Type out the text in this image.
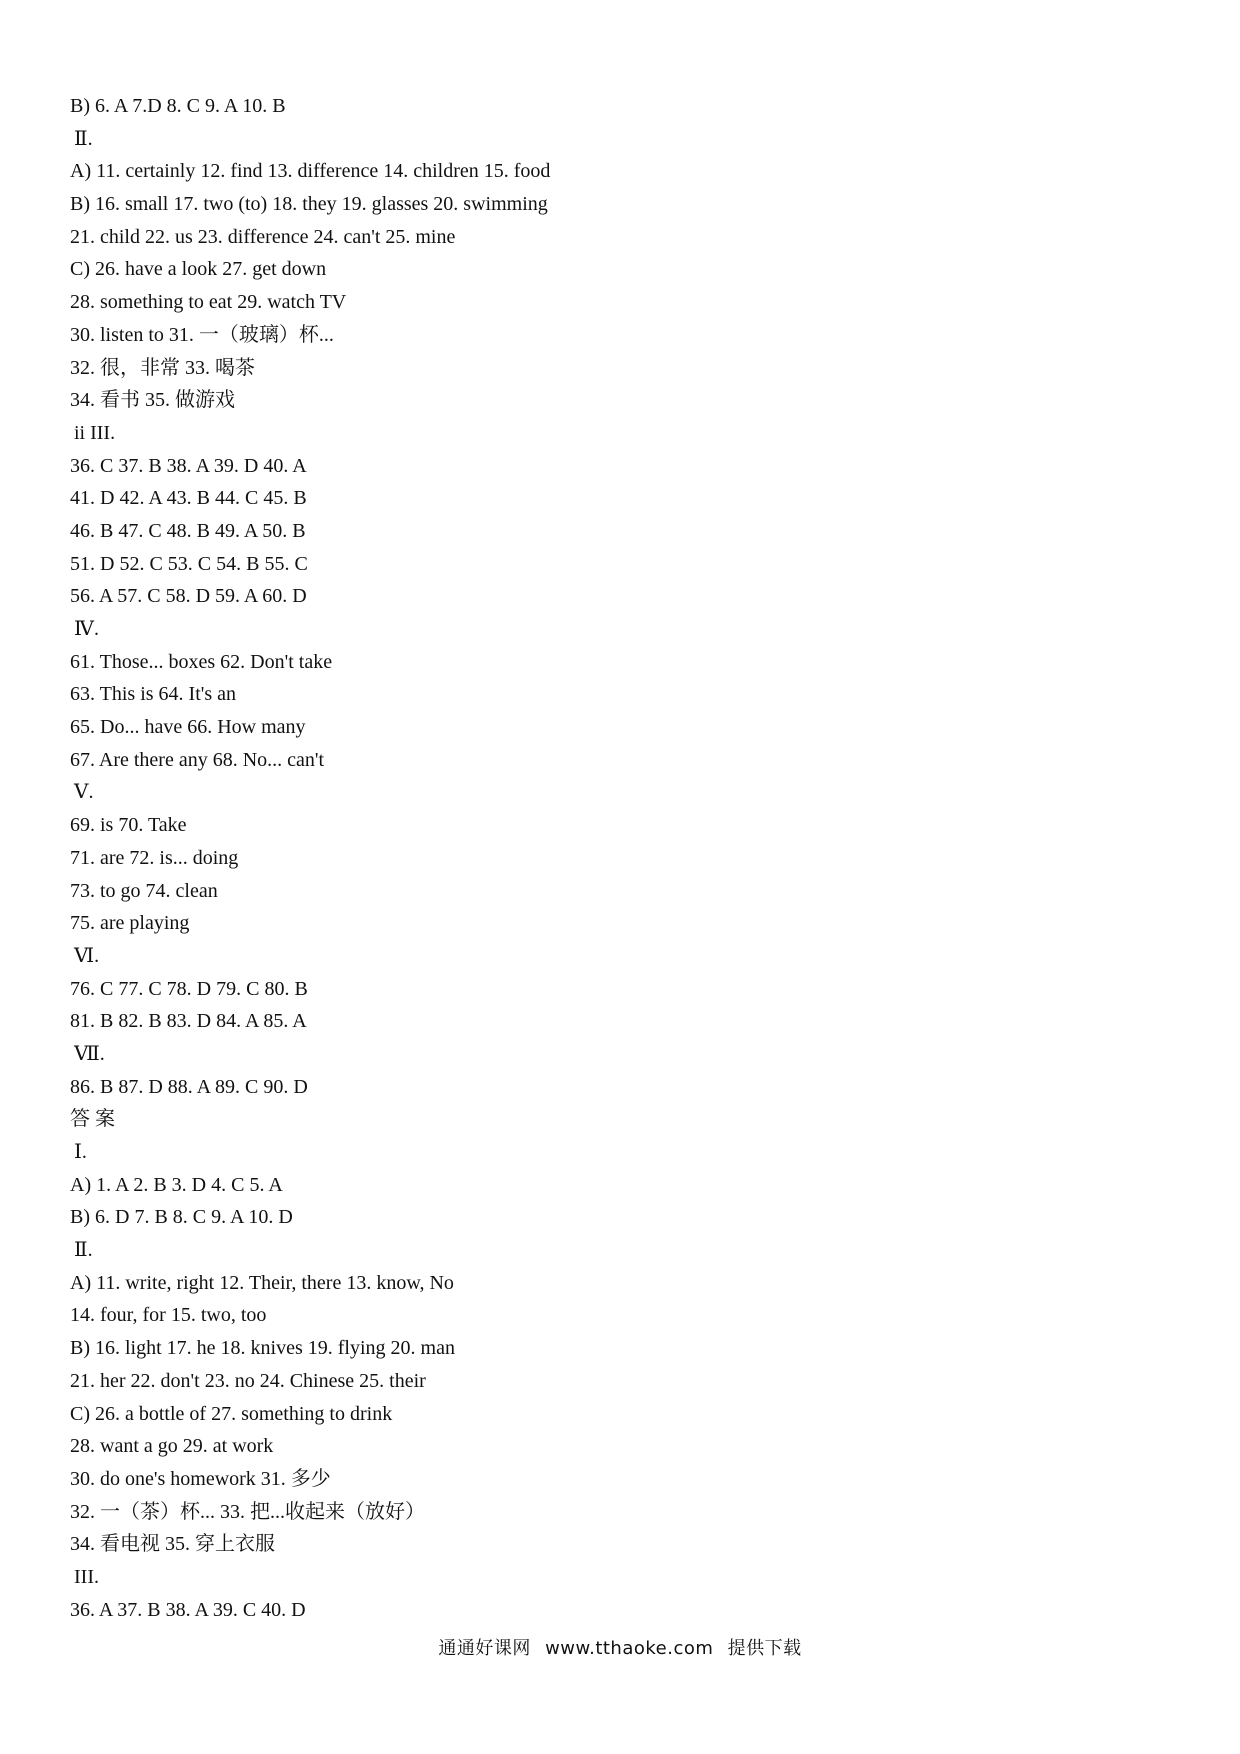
B) 6. A 7.D 8. C 9. A 10. B
Ⅱ.
A) 11. certainly 12. find 13. difference 14. children 15. food
B) 16. small 17. two (to) 18. they 19. glasses 20. swimming
21. child 22. us 23. difference 24. can't 25. mine
C) 26. have a look 27. get down
28. something to eat 29. watch TV
30. listen to 31. 一（玻璃）杯...
32. 很，非常 33. 喝茶
34. 看书 35. 做游戏
ii III.
36. C 37. B 38. A 39. D 40. A
41. D 42. A 43. B 44. C 45. B
46. B 47. C 48. B 49. A 50. B
51. D 52. C 53. C 54. B 55. C
56. A 57. C 58. D 59. A 60. D
Ⅳ.
61. Those... boxes 62. Don't take
63. This is 64. It's an
65. Do... have 66. How many
67. Are there any 68. No... can't
Ⅴ.
69. is 70. Take
71. are 72. is... doing
73. to go 74. clean
75. are playing
Ⅵ.
76. C 77. C 78. D 79. C 80. B
81. B 82. B 83. D 84. A 85. A
Ⅶ.
86. B 87. D 88. A 89. C 90. D
答 案
Ⅰ.
A) 1. A 2. B 3. D 4. C 5. A
B) 6. D 7. B 8. C 9. A 10. D
Ⅱ.
A) 11. write, right 12. Their, there 13. know, No
14. four, for 15. two, too
B) 16. light 17. he 18. knives 19. flying 20. man
21. her 22. don't 23. no 24. Chinese 25. their
C) 26. a bottle of 27. something to drink
28. want a go 29. at work
30. do one's homework 31. 多少
32. 一（茶）杯... 33. 把...收起来（放好）
34. 看电视 35. 穿上衣服
III.
36. A 37. B 38. A 39. C 40. D
通通好课网 www.tthaoke.com 提供下载
